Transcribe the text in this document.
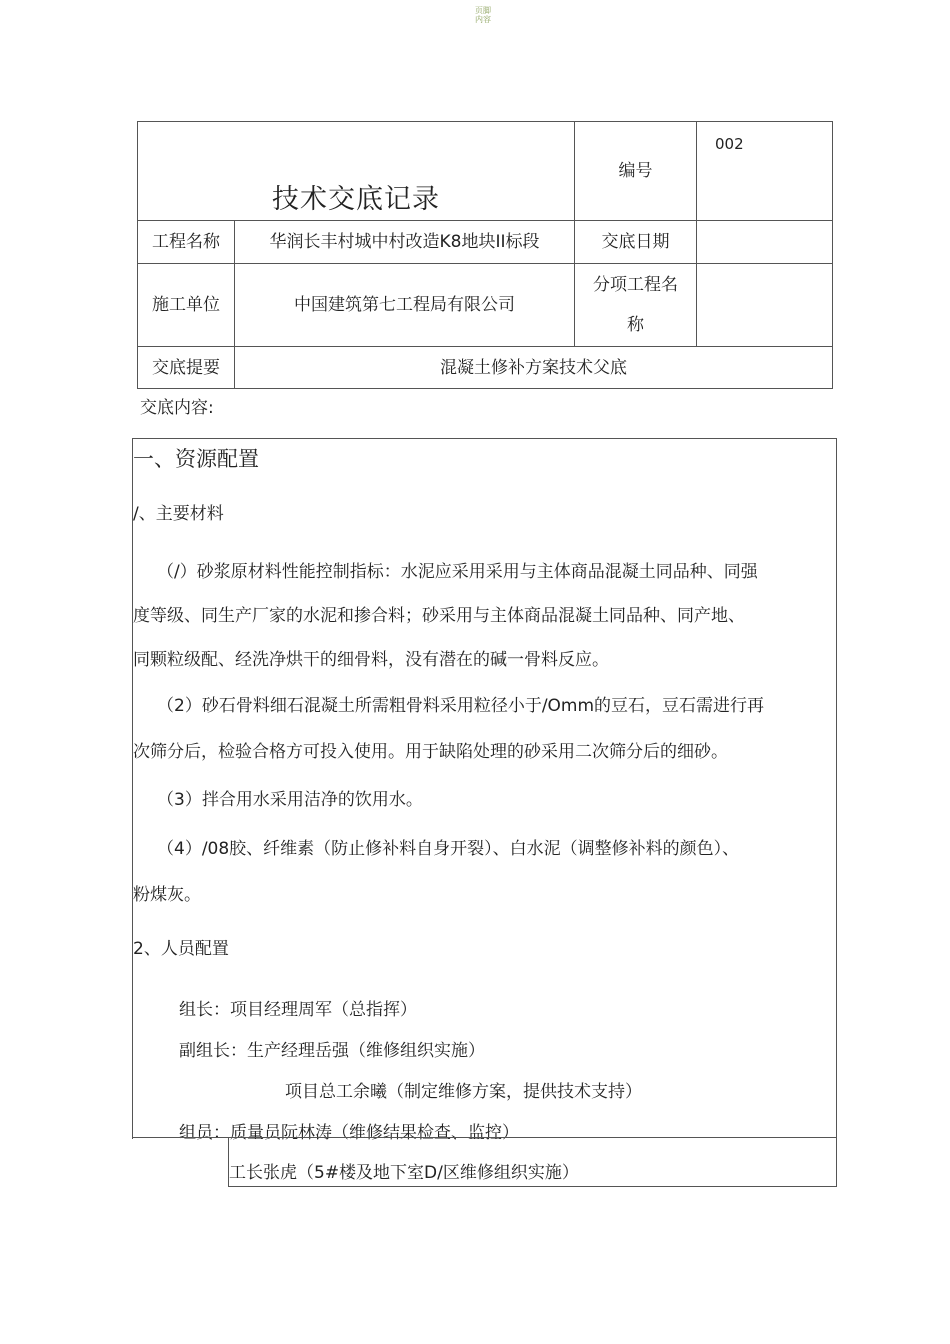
页脚
内容
技术交底记录		编号	002

工程名称	华润长丰村城中村改造K8地块II标段	交底日期	
施工单位	中国建筑第七工程局有限公司	分项工程名
称	

交底提要	混凝土修补方案技术父底		
交底内容:
一、资源配置
/、主要材料
（/）砂浆原材料性能控制指标：水泥应采用采用与主体商品混凝土同品种、同强
度等级、同生产厂家的水泥和掺合料；砂采用与主体商品混凝土同品种、同产地、
同颗粒级配、经洗净烘干的细骨料，没有潜在的碱一骨料反应。
（2）砂石骨料细石混凝土所需粗骨料采用粒径小于/Omm的豆石，豆石需进行再
次筛分后，检验合格方可投入使用。用于缺陷处理的砂采用二次筛分后的细砂。
（3）拌合用水采用洁净的饮用水。
（4）/08胶、纤维素（防止修补料自身开裂）、白水泥（调整修补料的颜色）、
粉煤灰。
2、人员配置
组长：项目经理周军（总指挥）
副组长：生产经理岳强（维修组织实施）
项目总工余曦（制定维修方案，提供技术支持）
组员：质量员阮林涛（维修结果检查、监控）
工长张虎（5#楼及地下室D/区维修组织实施）
